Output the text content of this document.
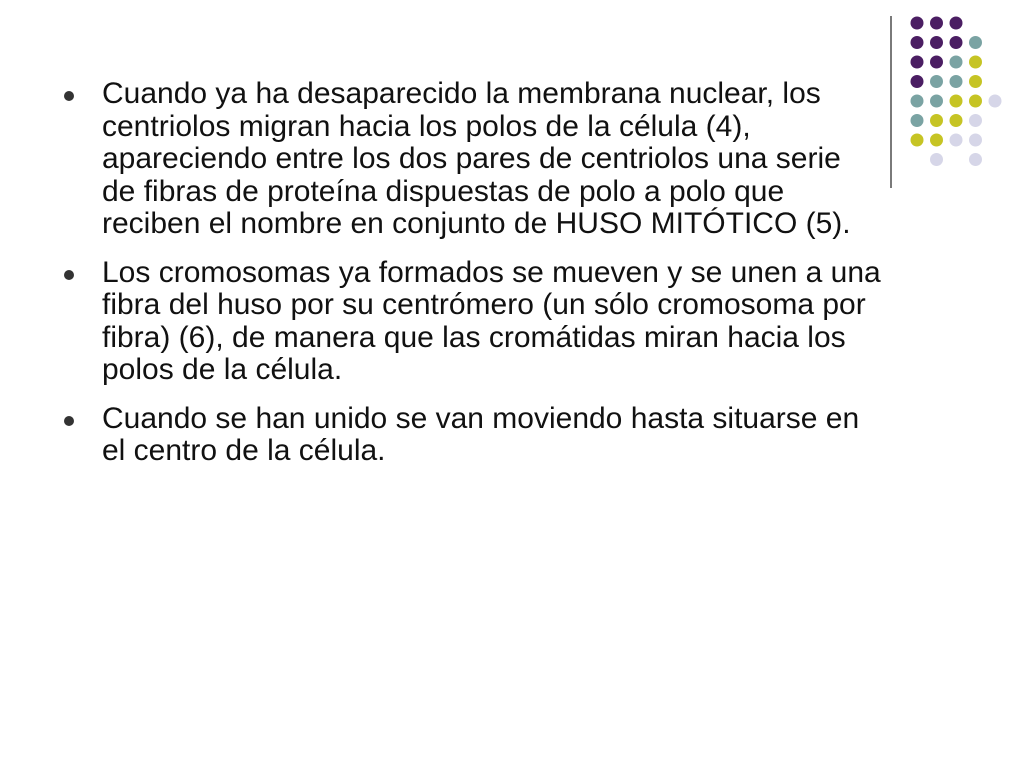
Cuando ya ha desaparecido la membrana nuclear, los centriolos migran hacia los polos de la célula (4), apareciendo entre los dos pares de centriolos una serie de fibras de proteína dispuestas de polo a polo que reciben el nombre en conjunto de HUSO MITÓTICO (5).
Los cromosomas ya formados se mueven y se unen a una fibra del huso por su centrómero (un sólo cromosoma por fibra) (6), de manera que las cromátidas miran hacia los polos de la célula.
Cuando se han unido se van moviendo hasta situarse en el centro de la célula.
